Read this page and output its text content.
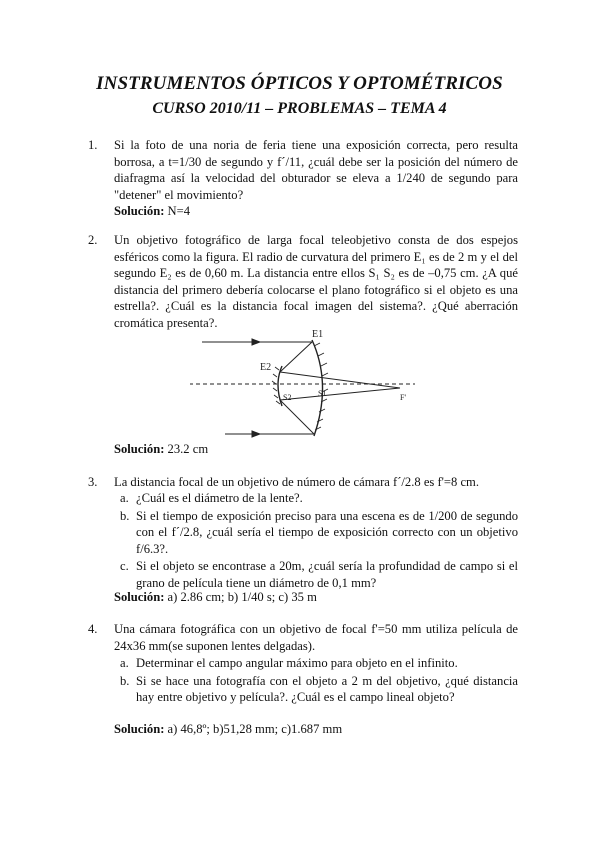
INSTRUMENTOS ÓPTICOS Y OPTOMÉTRICOS
CURSO 2010/11 – PROBLEMAS – TEMA 4
1. Si la foto de una noria de feria tiene una exposición correcta, pero resulta borrosa, a t=1/30 de segundo y f´/11, ¿cuál debe ser la posición del número de diafragma así la velocidad del obturador se eleva a 1/240 de segundo para "detener" el movimiento?

Solución: N=4
2. Un objetivo fotográfico de larga focal teleobjetivo consta de dos espejos esféricos como la figura. El radio de curvatura del primero E₁ es de 2 m y el del segundo E₂ es de 0,60 m. La distancia entre ellos S₁ S₂ es de –0,75 cm. ¿A qué distancia del primero debería colocarse el plano fotográfico si el objeto es una estrella?. ¿Cuál es la distancia focal imagen del sistema?. ¿Qué aberración cromática presenta?.

Solución: 23.2 cm
E1
E2
S2	S1	F'
3. La distancia focal de un objetivo de número de cámara f´/2.8 es f'=8 cm.

a. ¿Cuál es el diámetro de la lente?.

b. Si el tiempo de exposición preciso para una escena es de 1/200 de segundo con el f´/2.8, ¿cuál sería el tiempo de exposición correcto con un objetivo f/6.3?.

c. Si el objeto se encontrase a 20m, ¿cuál sería la profundidad de campo si el grano de película tiene un diámetro de 0,1 mm?

Solución: a) 2.86 cm; b) 1/40 s; c) 35 m
4. Una cámara fotográfica con un objetivo de focal f'=50 mm utiliza película de 24x36 mm(se suponen lentes delgadas).

a. Determinar el campo angular máximo para objeto en el infinito.

b. Si se hace una fotografía con el objeto a 2 m del objetivo, ¿qué distancia hay entre objetivo y película?. ¿Cuál es el campo lineal objeto?

Solución: a) 46,8º; b)51,28 mm; c)1.687 mm
